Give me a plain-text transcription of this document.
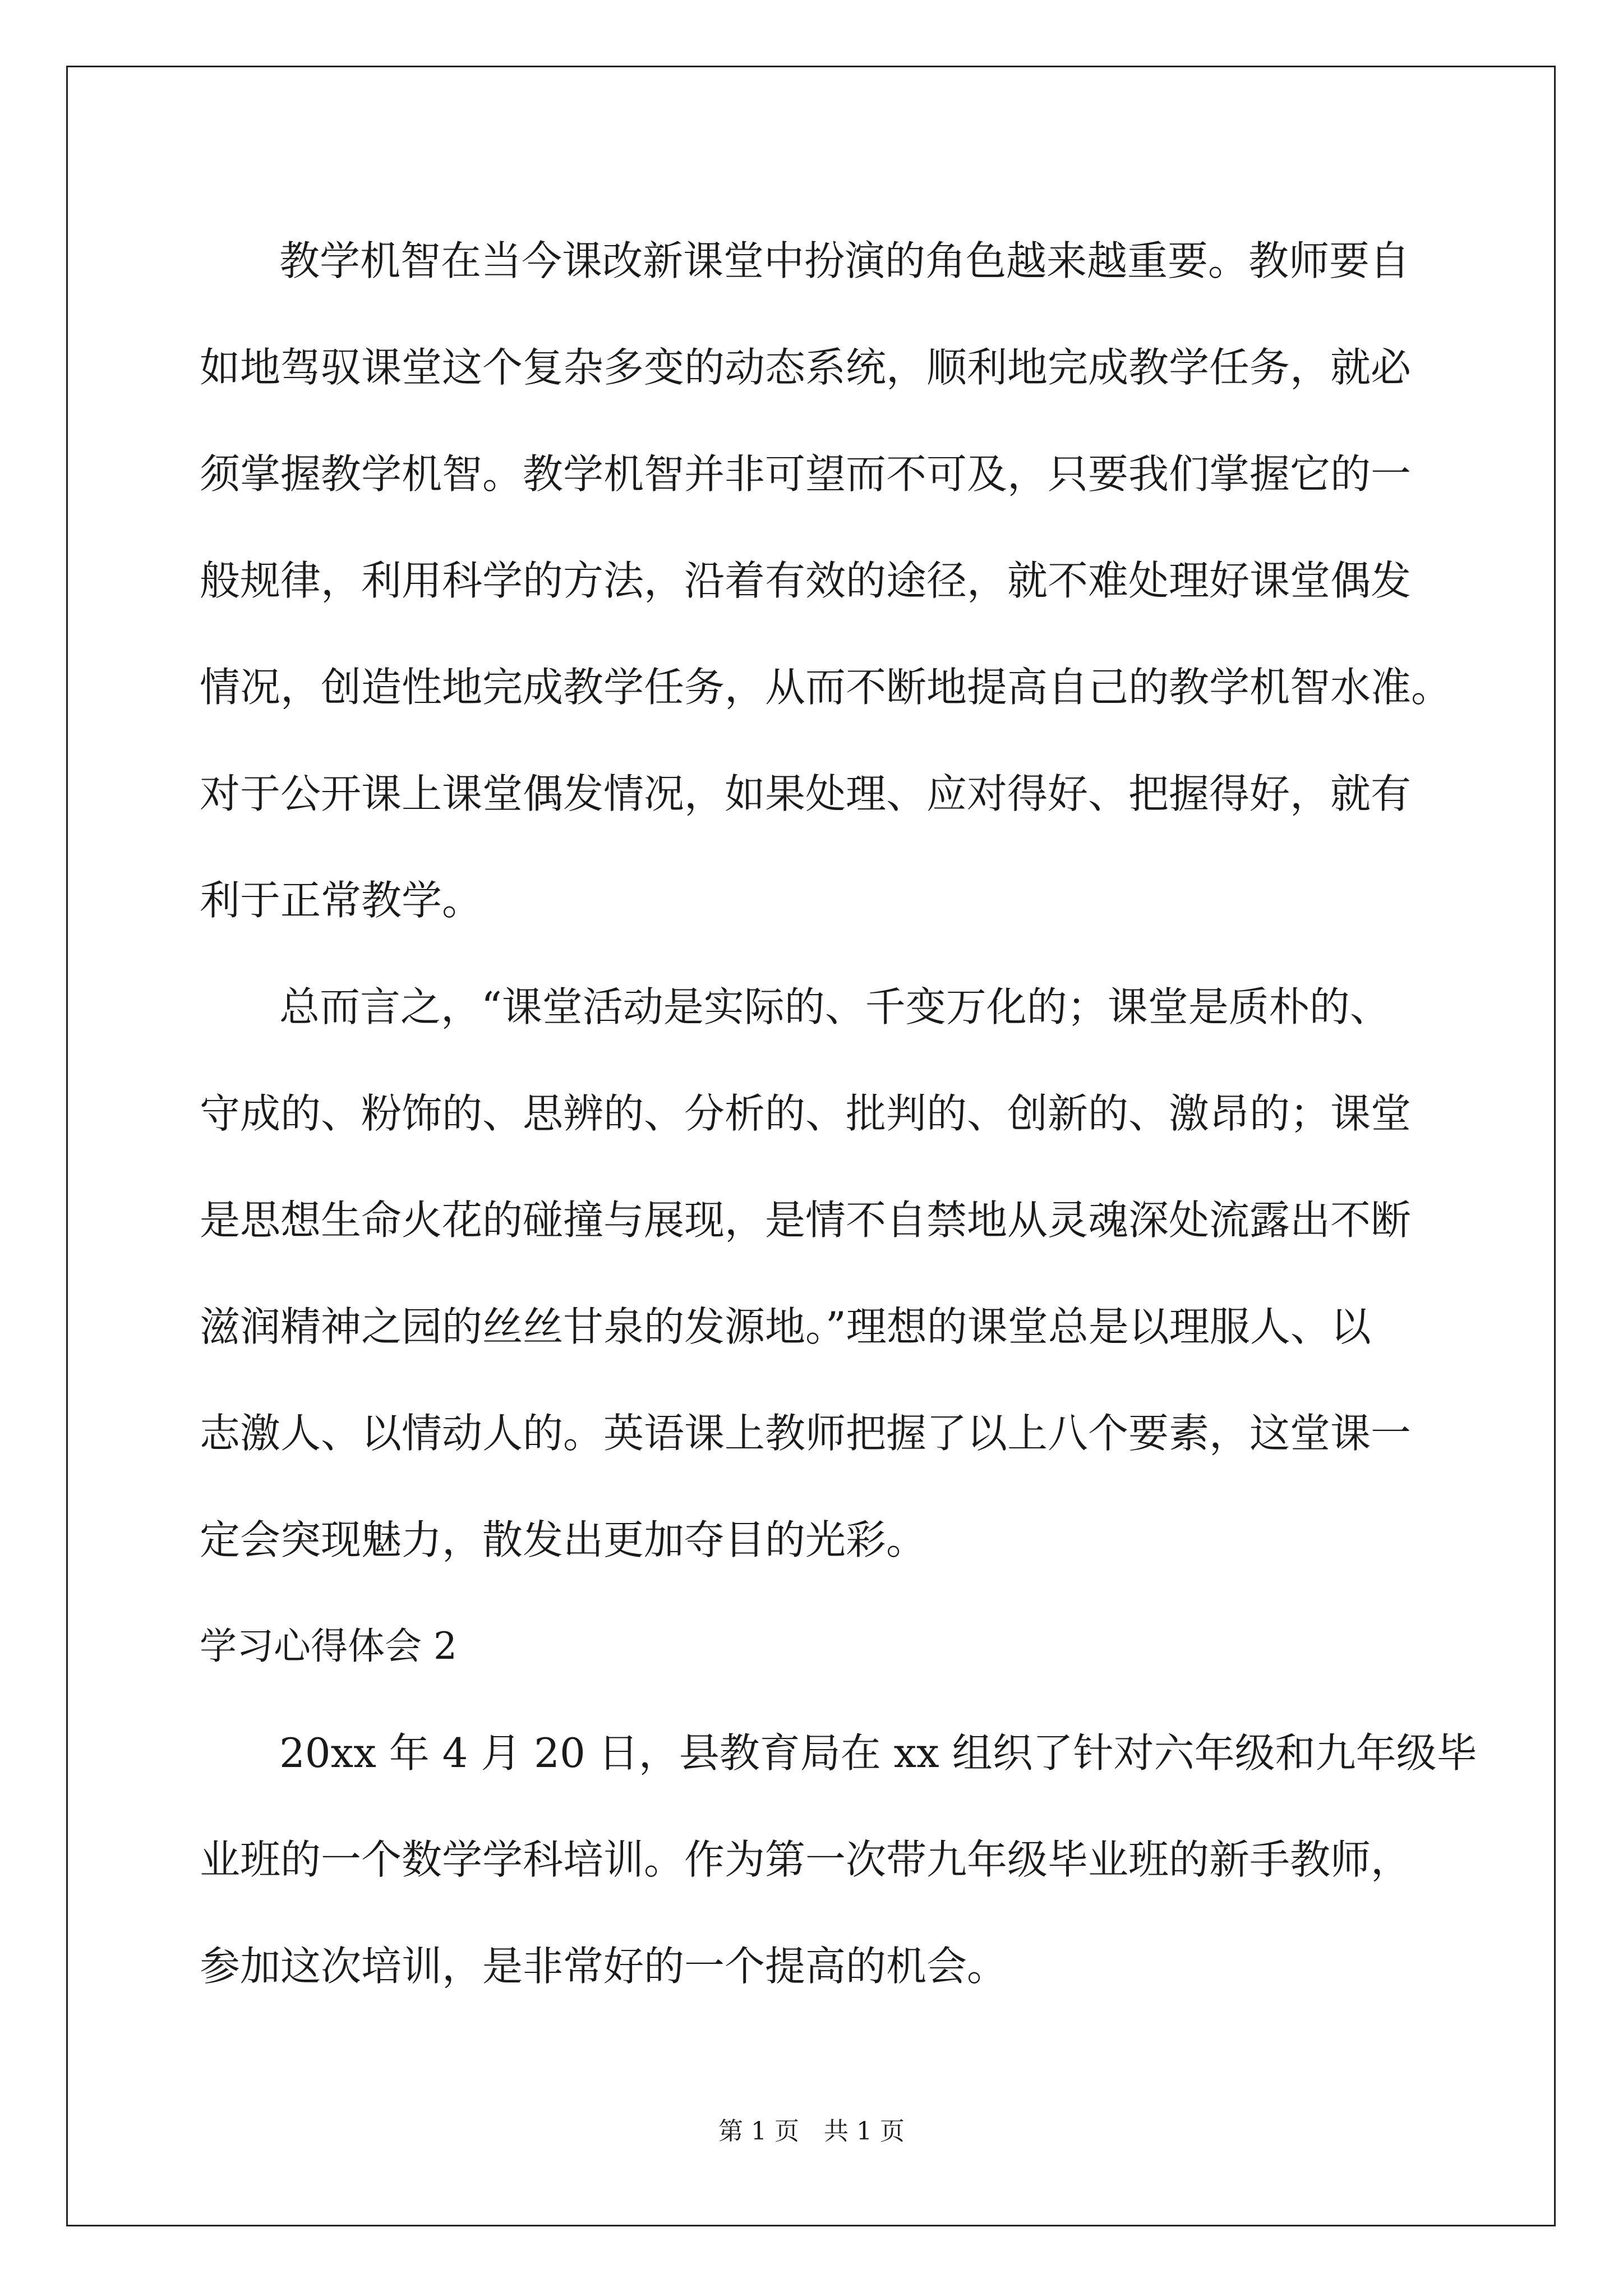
教学机智在当今课改新课堂中扮演的角色越来越重要。教师要自
如地驾驭课堂这个复杂多变的动态系统，顺利地完成教学任务，就必
须掌握教学机智。教学机智并非可望而不可及，只要我们掌握它的一
般规律，利用科学的方法，沿着有效的途径，就不难处理好课堂偶发
情况，创造性地完成教学任务，从而不断地提高自己的教学机智水准。
对于公开课上课堂偶发情况，如果处理、应对得好、把握得好，就有
利于正常教学。
总而言之，“课堂活动是实际的、千变万化的；课堂是质朴的、
守成的、粉饰的、思辨的、分析的、批判的、创新的、激昂的；课堂
是思想生命火花的碰撞与展现，是情不自禁地从灵魂深处流露出不断
滋润精神之园的丝丝甘泉的发源地。”理想的课堂总是以理服人、以
志激人、以情动人的。英语课上教师把握了以上八个要素，这堂课一
定会突现魅力，散发出更加夺目的光彩。
学习心得体会 2
20xx 年 4 月 20 日，县教育局在 xx 组织了针对六年级和九年级毕
业班的一个数学学科培训。作为第一次带九年级毕业班的新手教师，
参加这次培训，是非常好的一个提高的机会。
第 1 页　共 1 页
